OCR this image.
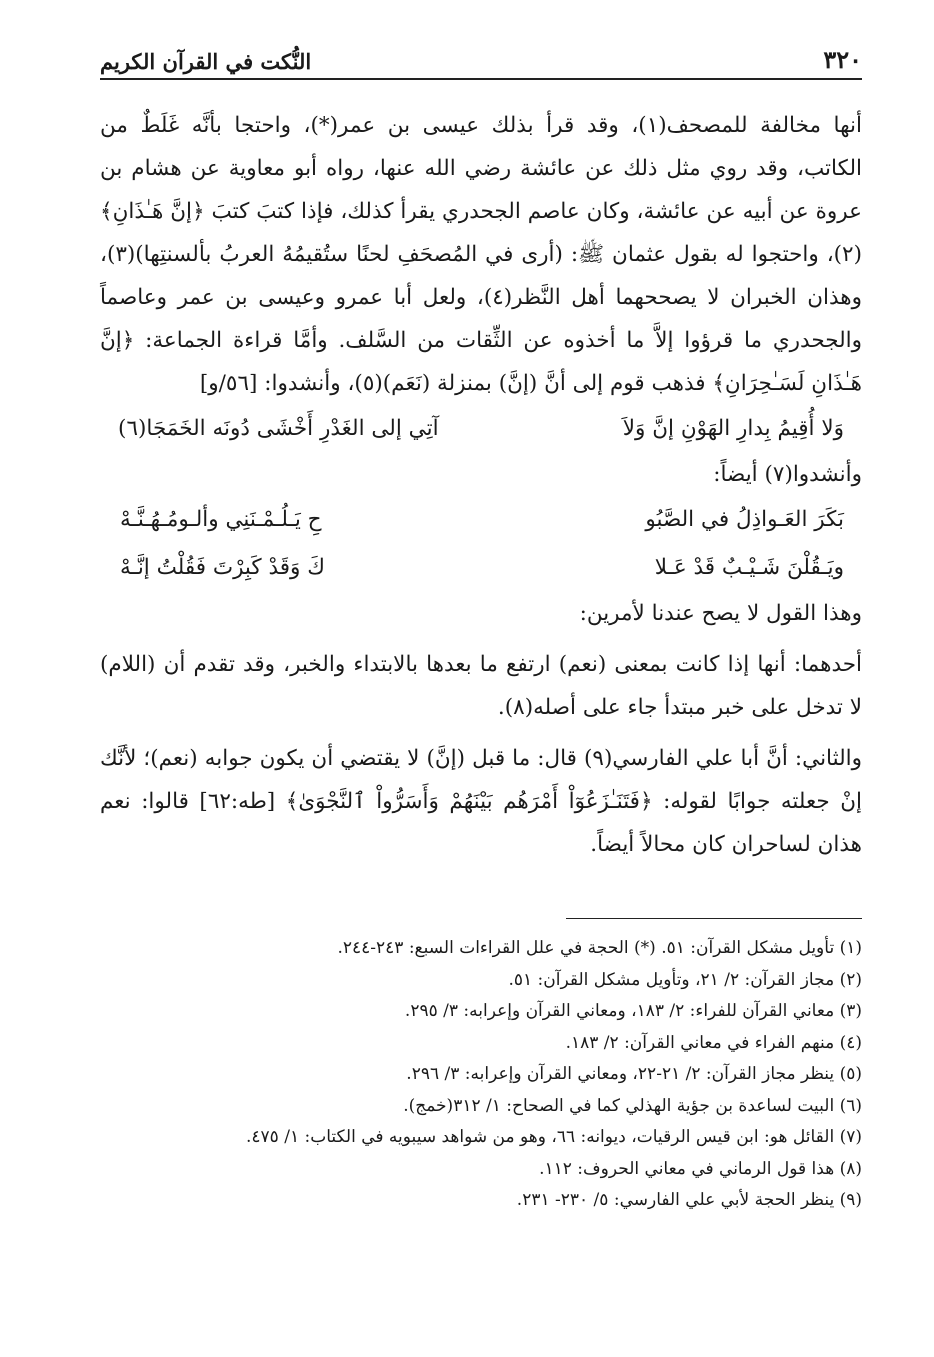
٣٢٠
النُّكت في القرآن الكريم

أنها مخالفة للمصحف(١)، وقد قرأ بذلك عيسى بن عمر(*)، واحتجا بأنَّه غَلَطٌ من الكاتب، وقد روي مثل ذلك عن عائشة رضي الله عنها، رواه أبو معاوية عن هشام بن عروة عن أبيه عن عائشة، وكان عاصم الجحدري يقرأ كذلك، فإذا كتبَ كتبَ ﴿إنَّ هَـٰذَانِ﴾(٢)، واحتجوا له بقول عثمان ﷺ: (أرى في المُصحَفِ لحنًا ستُقيمُهُ العربُ بألسنتِها)(٣)، وهذان الخبران لا يصححهما أهل النَّظر(٤)، ولعل أبا عمرو وعيسى بن عمر وعاصماً والجحدري ما قرؤوا إلاَّ ما أخذوه عن الثِّقات من السَّلف. وأمَّا قراءة الجماعة: ﴿إنَّ هَـٰذَانِ لَسَـٰحِرَانِ﴾ فذهب قوم إلى أنَّ (إنَّ) بمنزلة (نَعَم)(٥)، وأنشدوا: [٥٦/و]

وَلا أُقِيمُ بِدارِ الهَوْنِ إنَّ وَلاَ
آتِي إلى الغَدْرِ أَخْشَى دُونَه الخَمَجَا(٦)

وأنشدوا(٧) أيضاً:

بَكَرَ العَـواذِلُ في الصَّبُو
حِ يَـلُـمْـنَنِي وألـومُـهُـنَّـهْ
ويَـقُلْنَ شَـيْـبٌ قَدْ عَـلا
كَ وَقَدْ كَبِرْتَ فَقُلْتُ إنَّـهْ

وهذا القول لا يصح عندنا لأمرين:

أحدهما: أنها إذا كانت بمعنى (نعم) ارتفع ما بعدها بالابتداء والخبر، وقد تقدم أن (اللام) لا تدخل على خبر مبتدأ جاء على أصله(٨).

والثاني: أنَّ أبا علي الفارسي(٩) قال: ما قبل (إنَّ) لا يقتضي أن يكون جوابه (نعم)؛ لأنَّك إنْ جعلته جوابًا لقوله: ﴿فَتَنَـٰزَعُوٓاْ أَمْرَهُم بَيْنَهُمْ وَأَسَرُّواْ ٱلنَّجْوَىٰ﴾ [طه:٦٢] قالوا: نعم هذان لساحران كان محالاً أيضاً.

(١) تأويل مشكل القرآن: ٥١. (*) الحجة في علل القراءات السبع: ٢٤٣-٢٤٤.
(٢) مجاز القرآن: ٢/ ٢١، وتأويل مشكل القرآن: ٥١.
(٣) معاني القرآن للفراء: ٢/ ١٨٣، ومعاني القرآن وإعرابه: ٣/ ٢٩٥.
(٤) منهم الفراء في معاني القرآن: ٢/ ١٨٣.
(٥) ينظر مجاز القرآن: ٢/ ٢١-٢٢، ومعاني القرآن وإعرابه: ٣/ ٢٩٦.
(٦) البيت لساعدة بن جؤية الهذلي كما في الصحاح: ١/ ٣١٢(خمج).
(٧) القائل هو: ابن قيس الرقيات، ديوانه: ٦٦، وهو من شواهد سيبويه في الكتاب: ١/ ٤٧٥.
(٨) هذا قول الرماني في معاني الحروف: ١١٢.
(٩) ينظر الحجة لأبي علي الفارسي: ٥/ ٢٣٠- ٢٣١.
